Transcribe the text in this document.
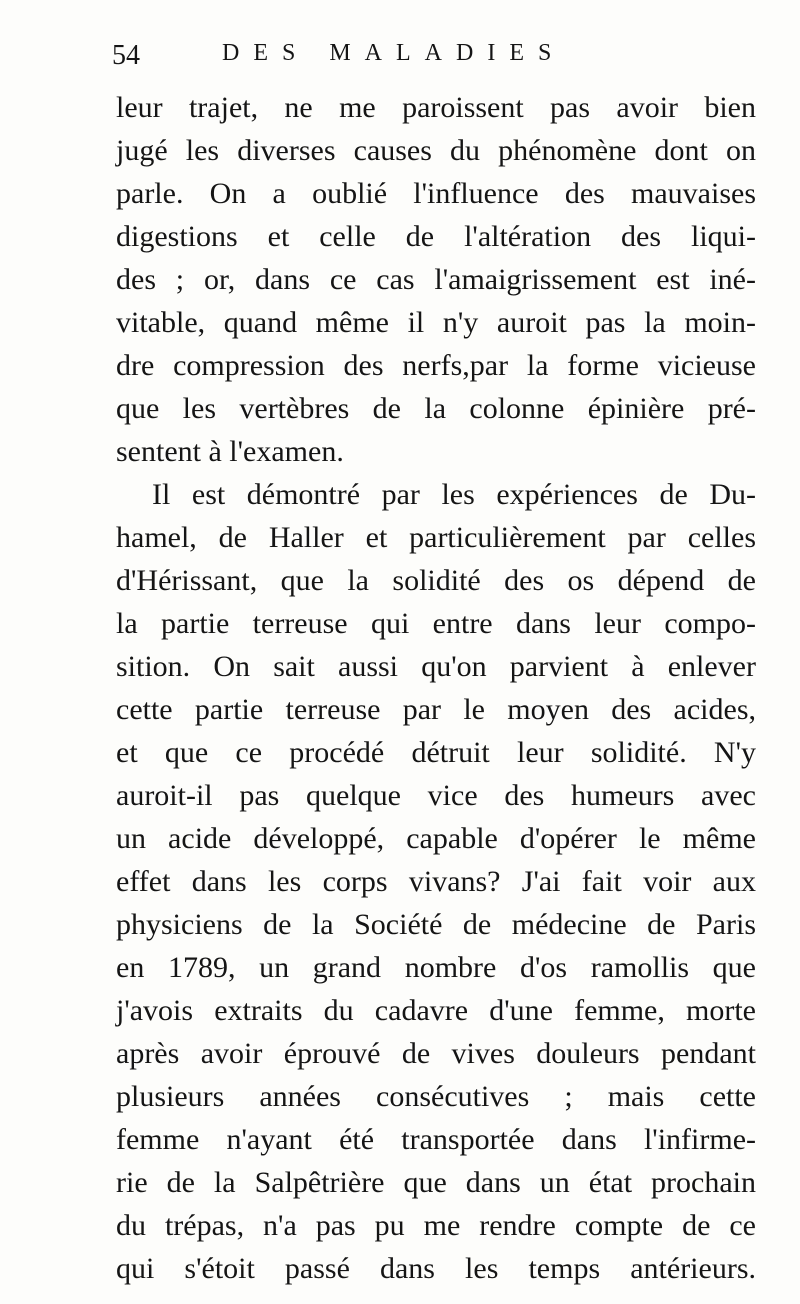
54	DES MALADIES
leur trajet, ne me paroissent pas avoir bien
jugé les diverses causes du phénomène dont on
parle. On a oublié l'influence des mauvaises
digestions et celle de l'altération des liqui-
des ; or, dans ce cas l'amaigrissement est iné-
vitable, quand même il n'y auroit pas la moin-
dre compression des nerfs,par la forme vicieuse
que les vertèbres de la colonne épinière pré-
sentent à l'examen.
Il est démontré par les expériences de Du-
hamel, de Haller et particulièrement par celles
d'Hérissant, que la solidité des os dépend de
la partie terreuse qui entre dans leur compo-
sition. On sait aussi qu'on parvient à enlever
cette partie terreuse par le moyen des acides,
et que ce procédé détruit leur solidité. N'y
auroit-il pas quelque vice des humeurs avec
un acide développé, capable d'opérer le même
effet dans les corps vivans? J'ai fait voir aux
physiciens de la Société de médecine de Paris
en 1789, un grand nombre d'os ramollis que
j'avois extraits du cadavre d'une femme, morte
après avoir éprouvé de vives douleurs pendant
plusieurs années consécutives ; mais cette
femme n'ayant été transportée dans l'infirme-
rie de la Salpêtrière que dans un état prochain
du trépas, n'a pas pu me rendre compte de ce
qui s'étoit passé dans les temps antérieurs.
